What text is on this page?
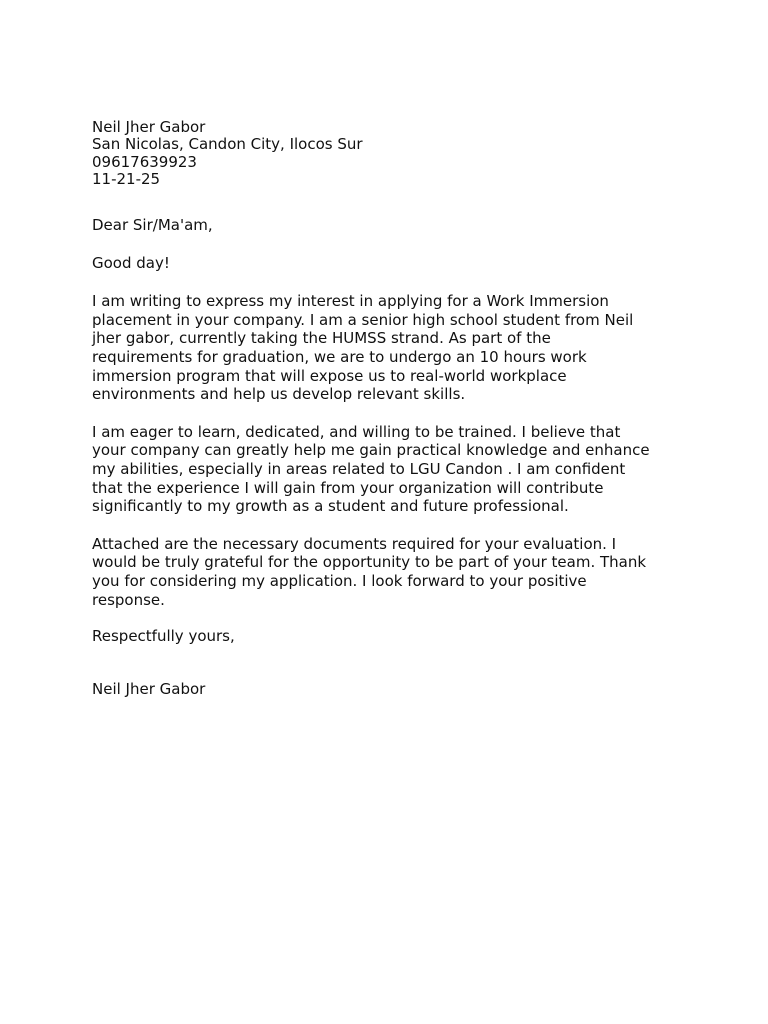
Neil Jher Gabor
San Nicolas, Candon City, Ilocos Sur
09617639923
11-21-25
Dear Sir/Ma'am,
Good day!

I am writing to express my interest in applying for a Work Immersion
placement in your company. I am a senior high school student from Neil
jher gabor, currently taking the HUMSS strand. As part of the
requirements for graduation, we are to undergo an 10 hours work
immersion program that will expose us to real-world workplace
environments and help us develop relevant skills.

I am eager to learn, dedicated, and willing to be trained. I believe that
your company can greatly help me gain practical knowledge and enhance
my abilities, especially in areas related to LGU Candon . I am confident
that the experience I will gain from your organization will contribute
significantly to my growth as a student and future professional.

Attached are the necessary documents required for your evaluation. I
would be truly grateful for the opportunity to be part of your team. Thank
you for considering my application. I look forward to your positive
response.

Respectfully yours,
Neil Jher Gabor
